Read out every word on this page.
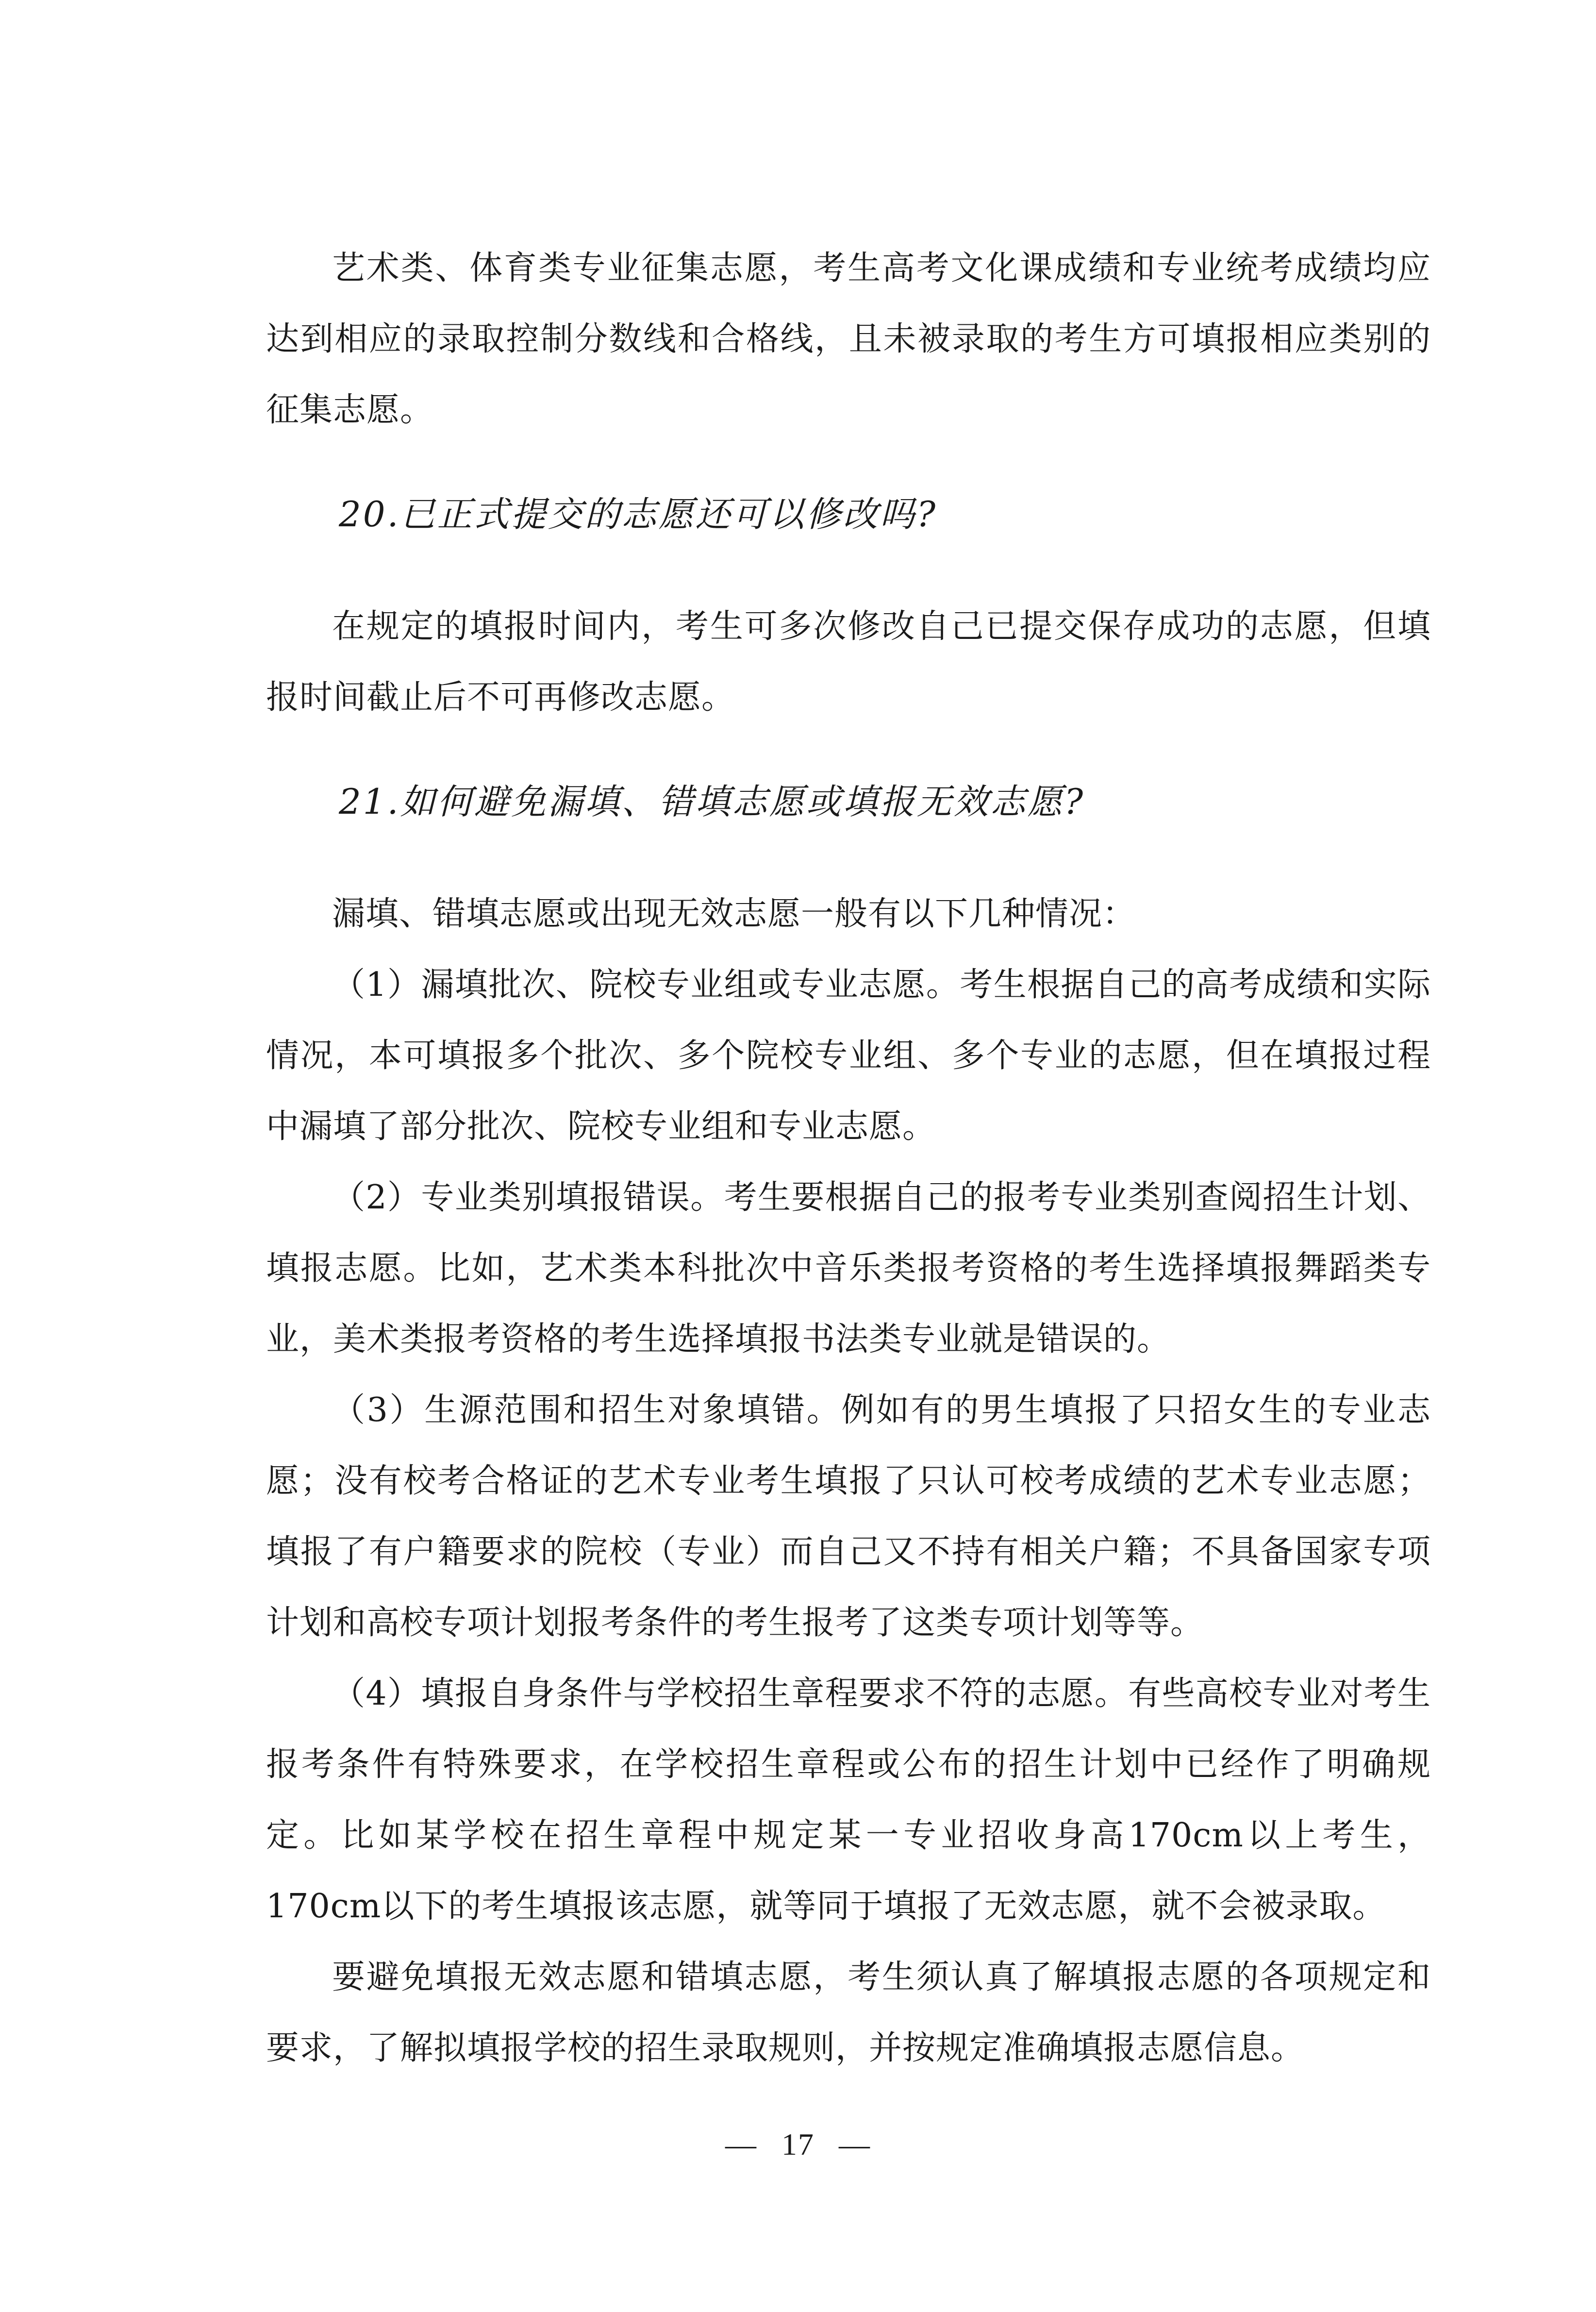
艺术类、体育类专业征集志愿，考生高考文化课成绩和专业统考成绩均应达到相应的录取控制分数线和合格线，且未被录取的考生方可填报相应类别的征集志愿。

20.已正式提交的志愿还可以修改吗?

在规定的填报时间内，考生可多次修改自己已提交保存成功的志愿，但填报时间截止后不可再修改志愿。

21.如何避免漏填、错填志愿或填报无效志愿?

漏填、错填志愿或出现无效志愿一般有以下几种情况：

（1）漏填批次、院校专业组或专业志愿。考生根据自己的高考成绩和实际情况，本可填报多个批次、多个院校专业组、多个专业的志愿，但在填报过程中漏填了部分批次、院校专业组和专业志愿。

（2）专业类别填报错误。考生要根据自己的报考专业类别查阅招生计划、填报志愿。比如，艺术类本科批次中音乐类报考资格的考生选择填报舞蹈类专业，美术类报考资格的考生选择填报书法类专业就是错误的。

（3）生源范围和招生对象填错。例如有的男生填报了只招女生的专业志愿；没有校考合格证的艺术专业考生填报了只认可校考成绩的艺术专业志愿；填报了有户籍要求的院校（专业）而自己又不持有相关户籍；不具备国家专项计划和高校专项计划报考条件的考生报考了这类专项计划等等。

（4）填报自身条件与学校招生章程要求不符的志愿。有些高校专业对考生报考条件有特殊要求，在学校招生章程或公布的招生计划中已经作了明确规定。比如某学校在招生章程中规定某一专业招收身高170cm以上考生，170cm以下的考生填报该志愿，就等同于填报了无效志愿，就不会被录取。

要避免填报无效志愿和错填志愿，考生须认真了解填报志愿的各项规定和要求，了解拟填报学校的招生录取规则，并按规定准确填报志愿信息。

— 17 —
